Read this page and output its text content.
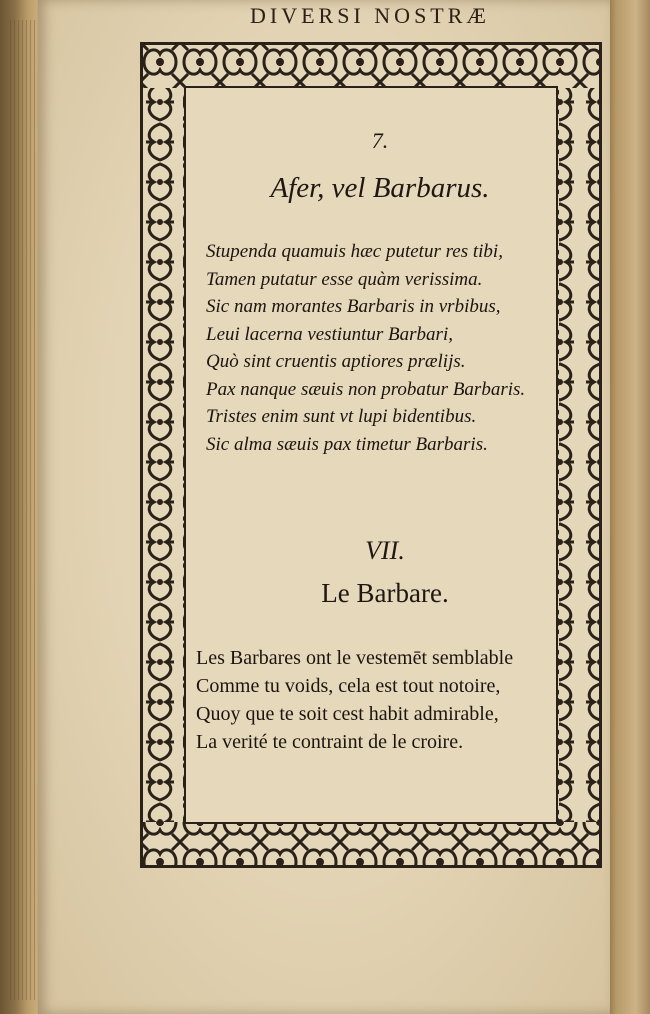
DIVERSI NOSTRÆ
7.
Afer, vel Barbarus.
Stupenda quamuis hæc putetur res tibi,
Tamen putatur esse quàm verissima.
Sic nam morantes Barbaris in vrbibus,
Leui lacerna vestiuntur Barbari,
Quò sint cruentis aptiores prælijs.
Pax nanque sæuis non probatur Barbaris.
Tristes enim sunt vt lupi bidentibus.
Sic alma sæuis pax timetur Barbaris.
VII.
Le Barbare.
Les Barbares ont le vestemēt semblable
Comme tu voids, cela est tout notoire,
Quoy que te soit cest habit admirable,
La verité te contraint de le croire.
